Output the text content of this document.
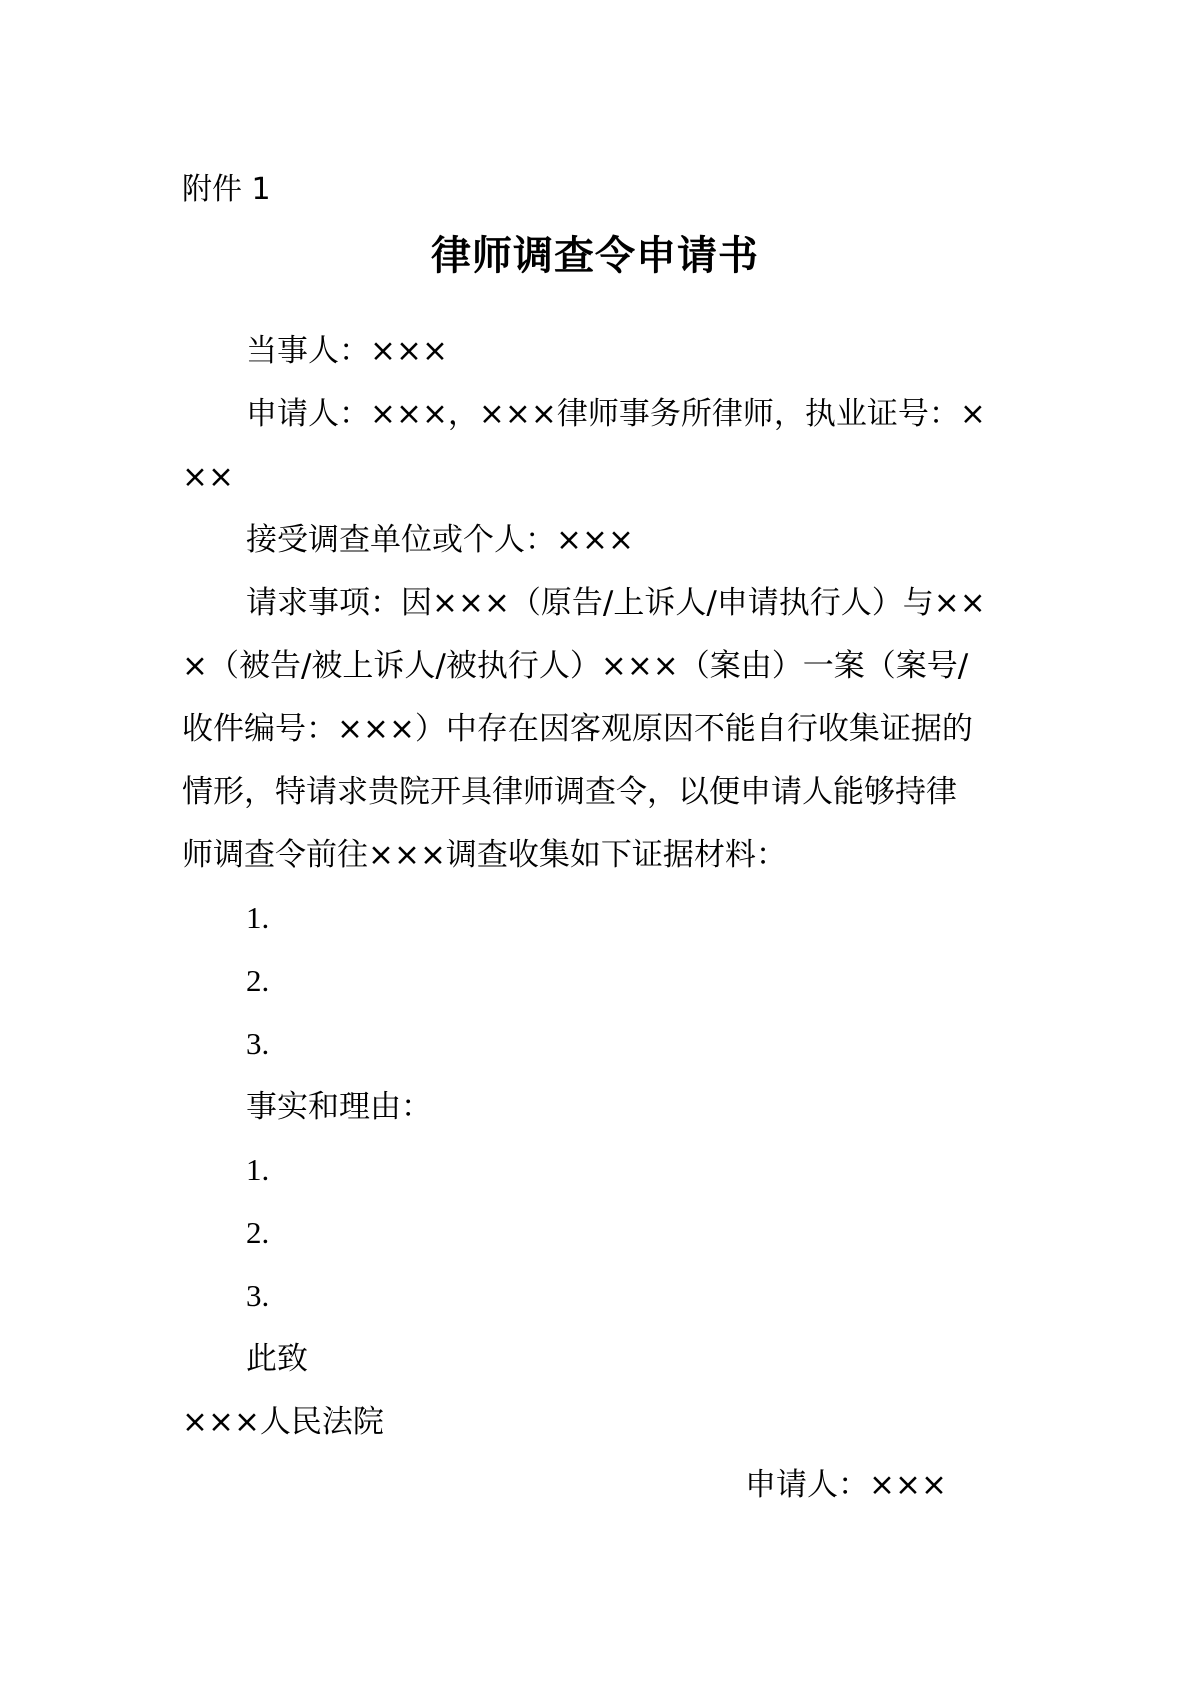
附件 1
律师调查令申请书
当事人：×××
申请人：×××，×××律师事务所律师，执业证号：×
××
接受调查单位或个人：×××
请求事项：因×××（原告/上诉人/申请执行人）与××
×（被告/被上诉人/被执行人）×××（案由）一案（案号/
收件编号：×××）中存在因客观原因不能自行收集证据的
情形，特请求贵院开具律师调查令，以便申请人能够持律
师调查令前往×××调查收集如下证据材料：
1.
2.
3.
事实和理由：
1.
2.
3.
此致
×××人民法院
申请人：×××
